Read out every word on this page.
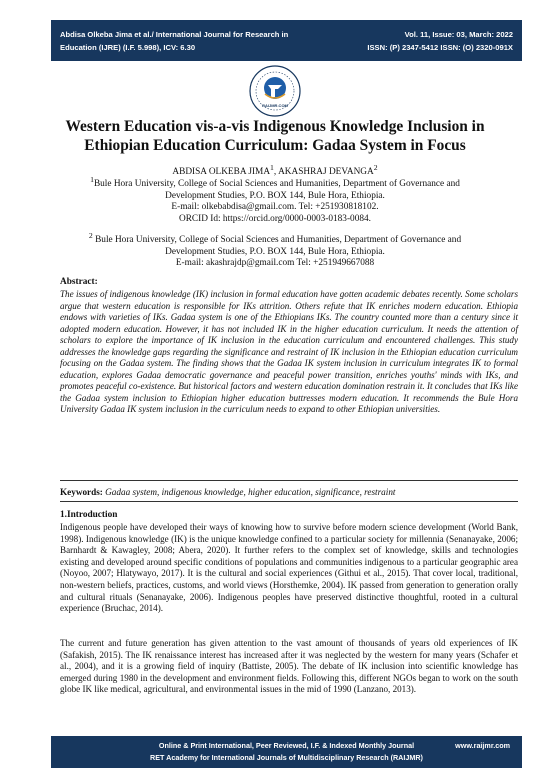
Abdisa Olkeba Jima et al./ International Journal for Research in
Education (IJRE) (I.F. 5.998), ICV: 6.30
Vol. 11, Issue: 03, March: 2022
ISSN: (P) 2347-5412 ISSN: (O) 2320-091X
RAIJMR.COM
Western Education vis-a-vis Indigenous Knowledge Inclusion in
Ethiopian Education Curriculum: Gadaa System in Focus
ABDISA OLKEBA JIMA$^1$, AKASHRAJ DEVANGA$^2$
$^1$Bule Hora University, College of Social Sciences and Humanities, Department of Governance and
Development Studies, P.O. BOX 144, Bule Hora, Ethiopia.
E-mail: olkebabdisa@gmail.com. Tel: +251930818102.
ORCID Id: https://orcid.org/0000-0003-0183-0084.
$^2$ Bule Hora University, College of Social Sciences and Humanities, Department of Governance and
Development Studies, P.O. BOX 144, Bule Hora, Ethiopia.
E-mail: akashrajdp@gmail.com Tel: +251949667088
Abstract:
The issues of indigenous knowledge (IK) inclusion in formal education have gotten academic debates recently. Some scholars argue that western education is responsible for IKs attrition. Others refute that IK enriches modern education. Ethiopia endows with varieties of IKs. Gadaa system is one of the Ethiopians IKs. The country counted more than a century since it adopted modern education. However, it has not included IK in the higher education curriculum. It needs the attention of scholars to explore the importance of IK inclusion in the education curriculum and encountered challenges. This study addresses the knowledge gaps regarding the significance and restraint of IK inclusion in the Ethiopian education curriculum focusing on the Gadaa system. The finding shows that the Gadaa IK system inclusion in curriculum integrates IK to formal education, explores Gadaa democratic governance and peaceful power transition, enriches youths' minds with IKs, and promotes peaceful co-existence. But historical factors and western education domination restrain it. It concludes that IKs like the Gadaa system inclusion to Ethiopian higher education buttresses modern education. It recommends the Bule Hora University Gadaa IK system inclusion in the curriculum needs to expand to other Ethiopian universities.
Keywords: Gadaa system, indigenous knowledge, higher education, significance, restraint
1.Introduction
Indigenous people have developed their ways of knowing how to survive before modern science development (World Bank, 1998). Indigenous knowledge (IK) is the unique knowledge confined to a particular society for millennia (Senanayake, 2006; Barnhardt & Kawagley, 2008; Abera, 2020). It further refers to the complex set of knowledge, skills and technologies existing and developed around specific conditions of populations and communities indigenous to a particular geographic area (Noyoo, 2007; Hlatywayo, 2017). It is the cultural and social experiences (Githui et al., 2015). That cover local, traditional, non-western beliefs, practices, customs, and world views (Horsthemke, 2004). IK passed from generation to generation orally and cultural rituals (Senanayake, 2006). Indigenous peoples have preserved distinctive thoughtful, rooted in a cultural experience (Bruchac, 2014).
The current and future generation has given attention to the vast amount of thousands of years old experiences of IK (Safakish, 2015). The IK renaissance interest has increased after it was neglected by the western for many years (Schafer et al., 2004), and it is a growing field of inquiry (Battiste, 2005). The debate of IK inclusion into scientific knowledge has emerged during 1980 in the development and environment fields. Following this, different NGOs began to work on the south globe IK like medical, agricultural, and environmental issues in the mid of 1990 (Lanzano, 2013).
Online & Print International, Peer Reviewed, I.F. & Indexed Monthly Journal
RET Academy for International Journals of Multidisciplinary Research (RAIJMR)
www.raijmr.com
